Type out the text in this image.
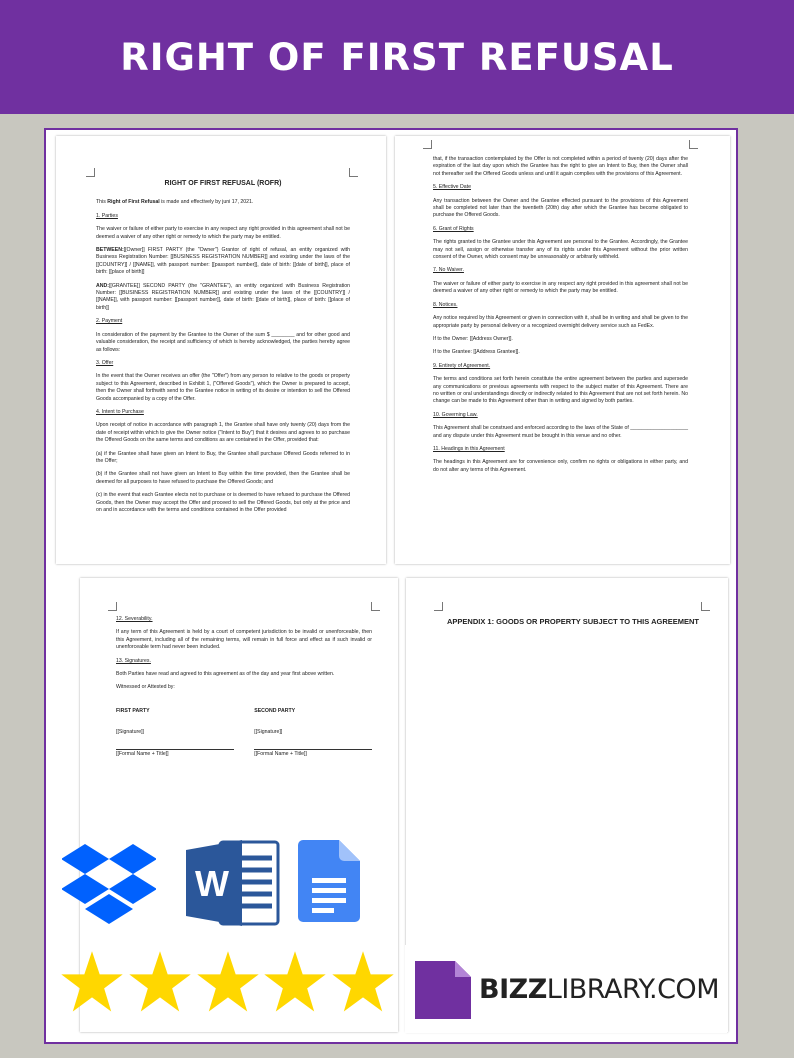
RIGHT OF FIRST REFUSAL
RIGHT OF FIRST REFUSAL (ROFR)

This Right of First Refusal is made and effectively by juni 17, 2021.

1. Parties

The waiver or failure of either party to exercise in any respect any right provided in this agreement shall not be deemed a waiver of any other right or remedy to which the party may be entitled.

BETWEEN:[[Owner]] FIRST PARTY (the "Owner") Grantor of right of refusal, an entity organized with Business Registration Number: [[BUSINESS REGISTRATION NUMBER]] and existing under the laws of the [[COUNTRY]] / [[NAME]], with passport number: [[passport number]], date of birth: [[date of birth]], place of birth: [[place of birth]]

AND:[[GRANTEE]] SECOND PARTY (the "GRANTEE"), an entity organized with Business Registration Number: [[BUSINESS REGISTRATION NUMBER]] and existing under the laws of the [[COUNTRY]] / [[NAME]], with passport number: [[passport number]], date of birth: [[date of birth]], place of birth: [[place of birth]]

2. Payment

In consideration of the payment by the Grantee to the Owner of the sum $ ________ and for other good and valuable consideration, the receipt and sufficiency of which is hereby acknowledged, the parties hereby agree as follows:

3. Offer

In the event that the Owner receives an offer (the "Offer") from any person to relative to the goods or property subject to this Agreement, described in Exhibit 1, ("Offered Goods"), which the Owner is prepared to accept, then the Owner shall forthwith send to the Grantee notice in writing of its desire or intention to sell the Offered Goods accompanied by a copy of the Offer.

4. Intent to Purchase

Upon receipt of notice in accordance with paragraph 1, the Grantee shall have only twenty (20) days from the date of receipt within which to give the Owner notice ("Intent to Buy") that it desires and agrees to so purchase the Offered Goods on the same terms and conditions as are contained in the Offer, provided that:

(a) if the Grantee shall have given an Intent to Buy, the Grantee shall purchase Offered Goods referred to in the Offer;

(b) if the Grantee shall not have given an Intent to Buy within the time provided, then the Grantee shall be deemed for all purposes to have refused to purchase the Offered Goods; and

(c) in the event that each Grantee elects not to purchase or is deemed to have refused to purchase the Offered Goods, then the Owner may accept the Offer and proceed to sell the Offered Goods, but only at the price and on and in accordance with the terms and conditions contained in the Offer provided

that, if the transaction contemplated by the Offer is not completed within a period of twenty (20) days after the expiration of the last day upon which the Grantee has the right to give an Intent to Buy, then the Owner shall not thereafter sell the Offered Goods unless and until it again complies with the provisions of this Agreement.

5. Effective Date

Any transaction between the Owner and the Grantee effected pursuant to the provisions of this Agreement shall be completed not later than the twentieth (20th) day after which the Grantee has become obligated to purchase the Offered Goods.

6. Grant of Rights

The rights granted to the Grantee under this Agreement are personal to the Grantee. Accordingly, the Grantee may not sell, assign or otherwise transfer any of its rights under this Agreement without the prior written consent of the Owner, which consent may be unreasonably or arbitrarily withheld.

7. No Waiver.

The waiver or failure of either party to exercise in any respect any right provided in this agreement shall not be deemed a waiver of any other right or remedy to which the party may be entitled.

8. Notices.

Any notice required by this Agreement or given in connection with it, shall be in writing and shall be given to the appropriate party by personal delivery or a recognized overnight delivery service such as FedEx.

If to the Owner: [[Address Owner]].

If to the Grantee: [[Address Grantee]].

9. Entirety of Agreement.

The terms and conditions set forth herein constitute the entire agreement between the parties and supersede any communications or previous agreements with respect to the subject matter of this Agreement. There are no written or oral understandings directly or indirectly related to this Agreement that are not set forth herein. No change can be made to this Agreement other than in writing and signed by both parties.

10. Governing Law.

This Agreement shall be construed and enforced according to the laws of the State of ____________________ and any dispute under this Agreement must be brought in this venue and no other.

11. Headings in this Agreement

The headings in this Agreement are for convenience only, confirm no rights or obligations in either party, and do not alter any terms of this Agreement.

12. Severability.

If any term of this Agreement is held by a court of competent jurisdiction to be invalid or unenforceable, then this Agreement, including all of the remaining terms, will remain in full force and effect as if such invalid or unenforceable term had never been included.

13. Signatures.

Both Parties have read and agreed to this agreement as of the day and year first above written.

Witnessed or Attested by:

FIRST PARTY
[[Signature]]
[[Formal Name + Title]]
SECOND PARTY
[[Signature]]
[[Formal Name + Title]]
APPENDIX 1: GOODS OR PROPERTY SUBJECT TO THIS AGREEMENT
W
BIZZLIBRARY.COM
